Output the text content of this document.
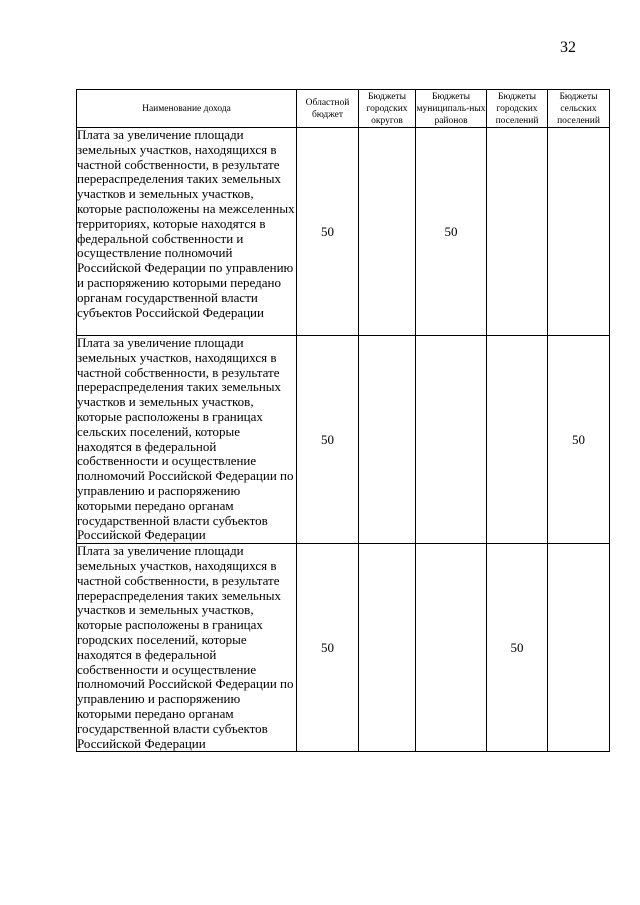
32
Наименование дохода	Областной бюджет	Бюджеты городских округов	Бюджеты муниципаль-ных районов	Бюджеты городских поселений	Бюджеты сельских поселений
Плата за увеличение площади земельных участков, находящихся в частной собственности, в результате перераспределения таких земельных участков и земельных участков, которые расположены на межселенных территориях, которые находятся в федеральной собственности и осуществление полномочий Российской Федерации по управлению и распоряжению которыми передано органам государственной власти субъектов Российской Федерации	50		50		
Плата за увеличение площади земельных участков, находящихся в частной собственности, в результате перераспределения таких земельных участков и земельных участков, которые расположены в границах сельских поселений, которые находятся в федеральной собственности и осуществление полномочий Российской Федерации по управлению и распоряжению которыми передано органам государственной власти субъектов Российской Федерации	50				50
Плата за увеличение площади земельных участков, находящихся в частной собственности, в результате перераспределения таких земельных участков и земельных участков, которые расположены в границах городских поселений, которые находятся в федеральной собственности и осуществление полномочий Российской Федерации по управлению и распоряжению которыми передано органам государственной власти субъектов Российской Федерации	50			50	
